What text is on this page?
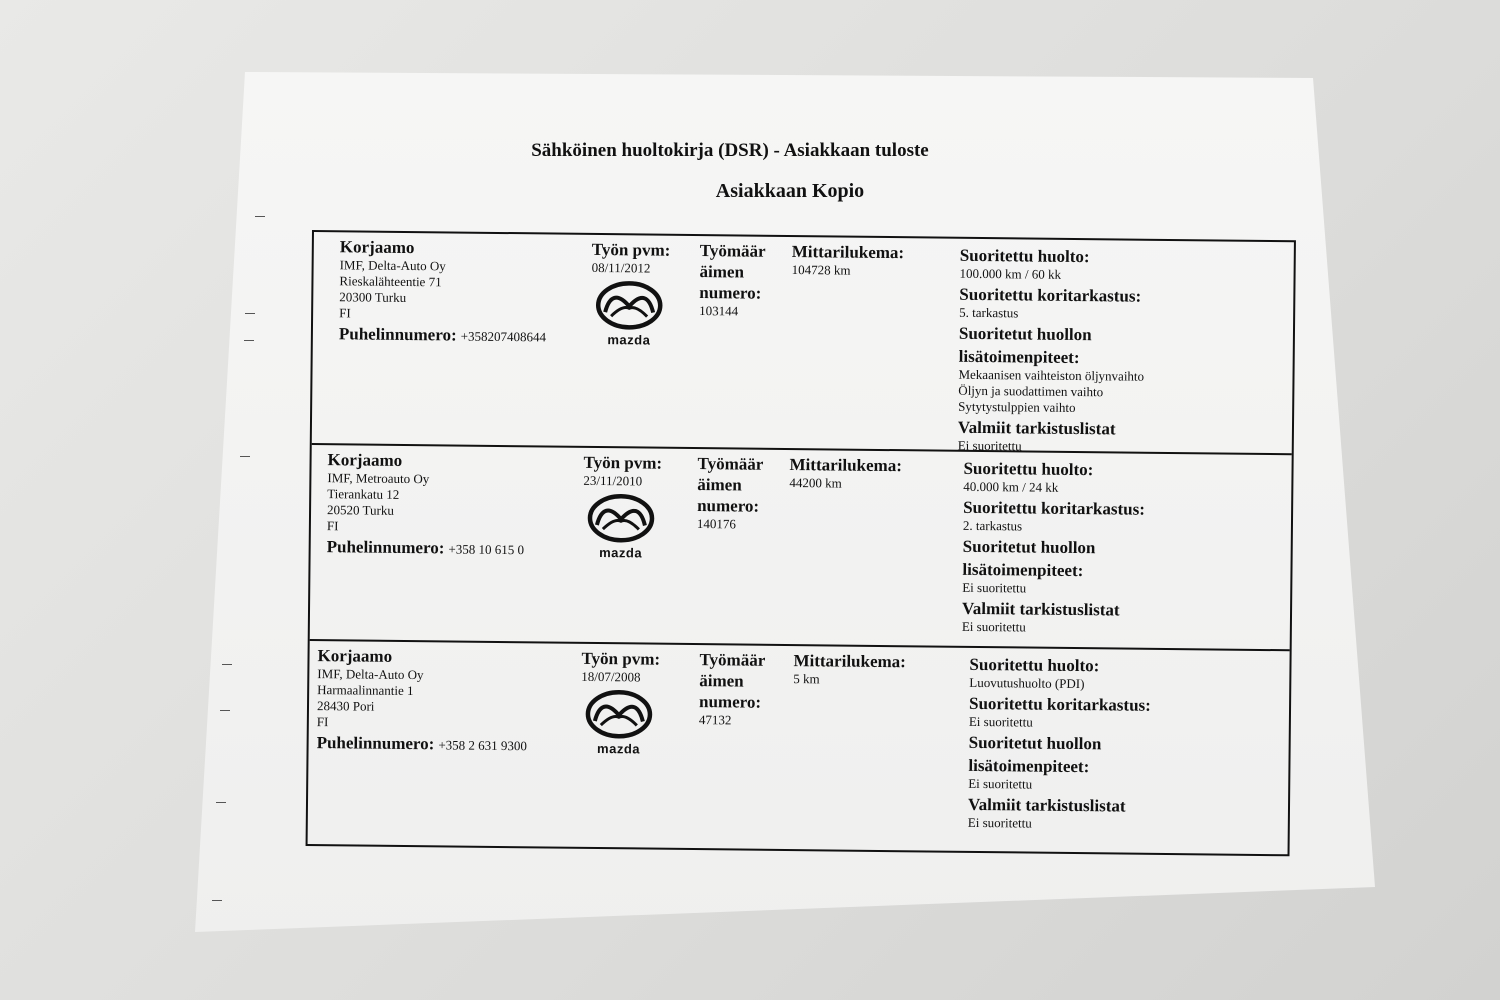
Sähköinen huoltokirja (DSR) - Asiakkaan tuloste
Asiakkaan Kopio
Korjaamo
IMF, Delta-Auto Oy
Rieskalähteentie 71
20300 Turku
FI
Puhelinnumero: +358207408644
Työn pvm:
08/11/2012
mazda
Työmäär
äimen
numero:
103144
Mittarilukema:
104728 km
Suoritettu huolto:
100.000 km / 60 kk
Suoritettu koritarkastus:
5. tarkastus
Suoritetut huollon
lisätoimenpiteet:
Mekaanisen vaihteiston öljynvaihto
Öljyn ja suodattimen vaihto
Sytytystulppien vaihto
Valmiit tarkistuslistat
Ei suoritettu
Korjaamo
IMF, Metroauto Oy
Tierankatu 12
20520 Turku
FI
Puhelinnumero: +358 10 615 0
Työn pvm:
23/11/2010
mazda
Työmäär
äimen
numero:
140176
Mittarilukema:
44200 km
Suoritettu huolto:
40.000 km / 24 kk
Suoritettu koritarkastus:
2. tarkastus
Suoritetut huollon
lisätoimenpiteet:
Ei suoritettu
Valmiit tarkistuslistat
Ei suoritettu
Korjaamo
IMF, Delta-Auto Oy
Harmaalinnantie 1
28430 Pori
FI
Puhelinnumero: +358 2 631 9300
Työn pvm:
18/07/2008
mazda
Työmäär
äimen
numero:
47132
Mittarilukema:
5 km
Suoritettu huolto:
Luovutushuolto (PDI)
Suoritettu koritarkastus:
Ei suoritettu
Suoritetut huollon
lisätoimenpiteet:
Ei suoritettu
Valmiit tarkistuslistat
Ei suoritettu
